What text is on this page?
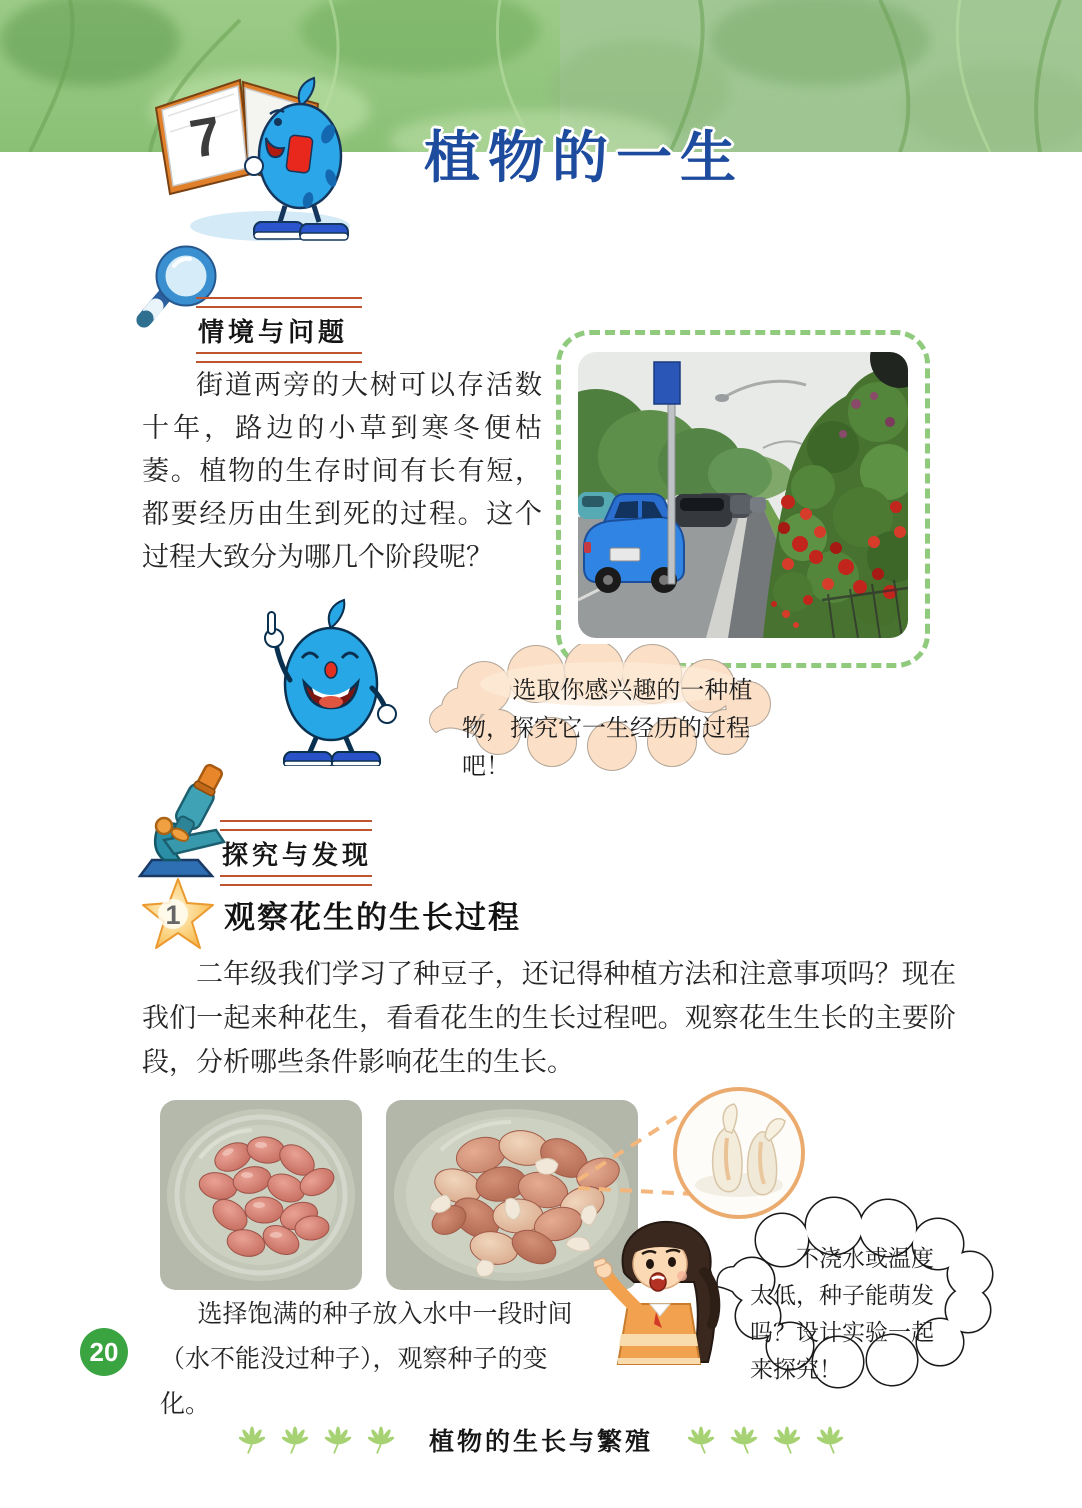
7	植物的一生
情境与问题

街道两旁的大树可以存活数十年，路边的小草到寒冬便枯萎。植物的生存时间有长有短，都要经历由生到死的过程。这个过程大致分为哪几个阶段呢？

选取你感兴趣的一种植物，探究它一生经历的过程吧！
探究与发现
1 观察花生的生长过程

二年级我们学习了种豆子，还记得种植方法和注意事项吗？现在我们一起来种花生，看看花生的生长过程吧。观察花生生长的主要阶段，分析哪些条件影响花生的生长。

不浇水或温度太低，种子能萌发吗？设计实验一起来探究！

选择饱满的种子放入水中一段时间（水不能没过种子），观察种子的变化。

20
植物的生长与繁殖
